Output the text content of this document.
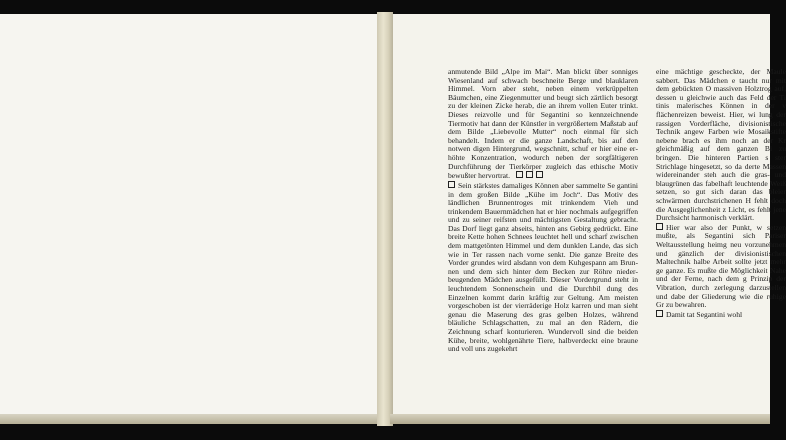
anmutende Bild „Alpe im Mai“. Man blickt über sonniges Wiesenland auf schwach beschneite Berge und blauklaren Himmel. Vorn aber steht, neben einem verkrüppelten Bäumchen, eine Ziegenmutter und beugt sich zärtlich besorgt zu der kleinen Zicke herab, die an ihrem vollen Euter trinkt. Dieses reizvolle und für Segantini so kennzeichnende Tiermotiv hat dann der Künstler in vergrößertem Maßstab auf dem Bilde „Liebevolle Mutter“ noch einmal für sich behandelt. Indem er die ganze Landschaft, bis auf den notwen digen Hintergrund, wegschnitt, schuf er hier eine er höhte Konzentration, wodurch neben der sorgfältigeren Durchführung der Tierkörper zugleich das ethische Motiv bewußter hervortrat.

Sein stärkstes damaliges Können aber sammelte Se gantini in dem großen Bilde „Kühe im Joch“. Das Motiv des ländlichen Brunnentroges mit trinkendem Vieh und trinkendem Bauernmädchen hat er hier nochmals aufgegriffen und zu seiner reifsten und mächtigsten Gestaltung gebracht. Das Dorf liegt ganz abseits, hinten ans Gebirg gedrückt. Eine breite Kette hohen Schnees leuchtet hell und scharf zwischen dem mattgetönten Himmel und dem dunklen Lande, das sich wie in Ter rassen nach vorne senkt. Die ganze Breite des Vorder grundes wird alsdann von dem Kuhgespann am Brun nen und dem sich hinter dem Becken zur Röhre nieder beugenden Mädchen ausgefüllt. Dieser Vordergrund steht in leuchtendem Sonnenschein und die Durchbil dung des Einzelnen kommt darin kräftig zur Geltung. Am meisten vorgeschoben ist der vierräderige Holz karren und man sieht genau die Maserung des gras gelben Holzes, während bläuliche Schlagschatten, zu mal an den Rädern, die Zeichnung scharf konturieren. Wundervoll sind die beiden Kühe, breite, wohlgenährte Tiere, halbverdeckt eine braune und voll uns zugekehrt

eine mächtige gescheckte, der Maule sabbert. Das Mädchen e taucht nur mit dem gebückten O massiven Holztrog auf, dessen u gleichwie auch das Feld der Ti tinis malerisches Können in der v flächenreizen beweist. Hier, wi lung der rassigen Vorderfläche, divisionistische Technik angew Farben wie Mosaikstifte nebene brach es ihm noch an der Kr gleichmäßig auf dem ganzen Bi zu bringen. Die hinteren Partien s ster Strichlage hingesetzt, so da derte Massen widereinander steh auch die gras- und blaugrünen das fabelhaft leuchtende Weiß setzen, so gut sich daran das bleier schwärmen durchstrichenen H fehlt doch die Ausgeglichenheit z Licht, es fehlt jene Durchsicht harmonisch verklärt.

Hier war also der Punkt, w setzen mußte, als Segantini sich Pariser Weltausstellung heimg neu vorzunehmen und gänzlich der divisionistischen Maltechnik halbe Arbeit sollte jetzt mehr ge ganze. Es mußte die Möglichkeit Nahe und der Ferne, nach dem g Prinzip der Vibration, durch zerlegung darzustellen und dabe der Gliederung wie die ruhige Gr zu bewahren.

Damit tat Segantini wohl
